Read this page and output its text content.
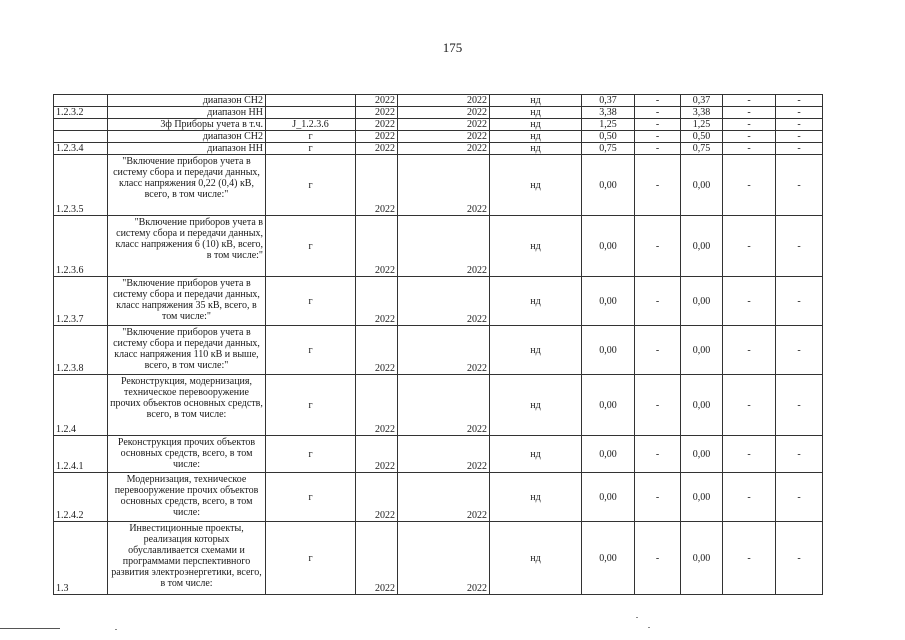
175
	диапазон СН2		2022	2022	нд	0,37	-	0,37	-	-
1.2.3.2	диапазон НН		2022	2022	нд	3,38	-	3,38	-	-
	3ф Приборы учета в т.ч.	J_1.2.3.6	2022	2022	нд	1,25	-	1,25	-	-
	диапазон СН2	г	2022	2022	нд	0,50	-	0,50	-	-
1.2.3.4	диапазон НН	г	2022	2022	нд	0,75	-	0,75	-	-
1.2.3.5	"Включение приборов учета в систему сбора и передачи данных, класс напряжения 0,22 (0,4) кВ, всего, в том числе:"	г	2022	2022	нд	0,00	-	0,00	-	-
1.2.3.6	"Включение приборов учета в систему сбора и передачи данных, класс напряжения 6 (10) кВ, всего, в том числе:"	г	2022	2022	нд	0,00	-	0,00	-	-
1.2.3.7	"Включение приборов учета в систему сбора и передачи данных, класс напряжения 35 кВ, всего, в том числе:"	г	2022	2022	нд	0,00	-	0,00	-	-
1.2.3.8	"Включение приборов учета в систему сбора и передачи данных, класс напряжения 110 кВ и выше, всего, в том числе:"	г	2022	2022	нд	0,00	-	0,00	-	-
1.2.4	Реконструкция, модернизация, техническое перевооружение прочих объектов основных средств, всего, в том числе:	г	2022	2022	нд	0,00	-	0,00	-	-
1.2.4.1	Реконструкция прочих объектов основных средств, всего, в том числе:	г	2022	2022	нд	0,00	-	0,00	-	-
1.2.4.2	Модернизация, техническое перевооружение прочих объектов основных средств, всего, в том числе:	г	2022	2022	нд	0,00	-	0,00	-	-
1.3	Инвестиционные проекты, реализация которых обуславливается схемами и программами перспективного развития электроэнергетики, всего, в том числе:	г	2022	2022	нд	0,00	-	0,00	-	-
